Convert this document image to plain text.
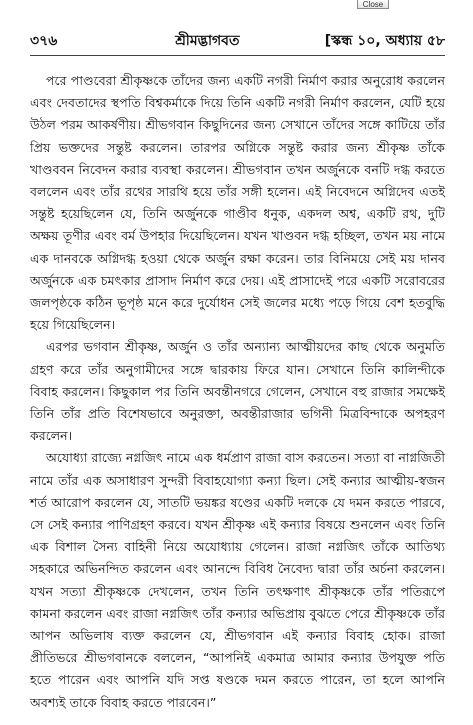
Close
৩৭৬	শ্রীমদ্ভাগবত	[স্কন্ধ ১০, অধ্যায় ৫৮

পরে পাণ্ডবেরা শ্রীকৃষ্ণকে তাঁদের জন্য একটি নগরী নির্মাণ করার অনুরোধ করলেন এবং দেবতাদের স্থপতি বিশ্বকর্মাকে দিয়ে তিনি একটি নগরী নির্মাণ করলেন, যেটি হয়ে উঠল পরম আকর্ষণীয়। শ্রীভগবান কিছুদিনের জন্য সেখানে তাঁদের সঙ্গে কাটিয়ে তাঁর প্রিয় ভক্তদের সন্তুষ্ট করলেন। তারপর অগ্নিকে সন্তুষ্ট করার জন্য শ্রীকৃষ্ণ তাঁকে খাণ্ডববন নিবেদন করার ব্যবস্থা করলেন। শ্রীভগবান তখন অর্জুনকে বনটি দগ্ধ করতে বললেন এবং তাঁর রথের সারথি হয়ে তাঁর সঙ্গী হলেন। এই নিবেদনে অগ্নিদেব এতই সন্তুষ্ট হয়েছিলেন যে, তিনি অর্জুনকে গাণ্ডীব ধনুক, একদল অশ্ব, একটি রথ, দুটি অক্ষয় তূণীর এবং বর্ম উপহার দিয়েছিলেন। যখন খাণ্ডবন দগ্ধ হচ্ছিল, তখন ময় নামে এক দানবকে অগ্নিদগ্ধ হওয়া থেকে অর্জুন রক্ষা করেন। তার বিনিময়ে সেই ময় দানব অর্জুনকে এক চমৎকার প্রাসাদ নির্মাণ করে দেয়। এই প্রাসাদেই পরে একটি সরোবরের জলপৃষ্ঠকে কঠিন ভূপৃষ্ঠ মনে করে দুর্যোধন সেই জলের মধ্যে পড়ে গিয়ে বেশ হতবুদ্ধি হয়ে গিয়েছিলেন।

এরপর ভগবান শ্রীকৃষ্ণ, অর্জুন ও তাঁর অন্যান্য আত্মীয়দের কাছ থেকে অনুমতি গ্রহণ করে তাঁর অনুগামীদের সঙ্গে দ্বারকায় ফিরে যান। সেখানে তিনি কালিন্দীকে বিবাহ করলেন। কিছুকাল পর তিনি অবন্তীনগরে গেলেন, সেখানে বহু রাজার সমক্ষেই তিনি তাঁর প্রতি বিশেষভাবে অনুরক্তা, অবন্তীরাজার ভগিনী মিত্রবিন্দাকে অপহরণ করলেন।

অযোধ্যা রাজ্যে নগ্নজিৎ নামে এক ধর্মপ্রাণ রাজা বাস করতেন। সত্যা বা নাগ্নজিতী নামে তাঁর এক অসাধারণ সুন্দরী বিবাহযোগ্যা কন্যা ছিল। সেই কন্যার আত্মীয়-স্বজন শর্ত আরোপ করলেন যে, সাতটি ভয়ঙ্কর ষণ্ডের একটি দলকে যে দমন করতে পারবে, সে সেই কন্যার পাণিগ্রহণ করবে। যখন শ্রীকৃষ্ণ এই কন্যার বিষয়ে শুনলেন এবং তিনি এক বিশাল সৈন্য বাহিনী নিয়ে অযোধ্যায় গেলেন। রাজা নগ্নজিৎ তাঁকে আতিথ্য সহকারে অভিনন্দিত করলেন এবং আনন্দে বিবিধ নৈবেদ্য দ্বারা তাঁর অর্চনা করলেন। যখন সত্যা শ্রীকৃষ্ণকে দেখলেন, তখন তিনি তৎক্ষণাৎ শ্রীকৃষ্ণকে তাঁর পতিরূপে কামনা করলেন এবং রাজা নগ্নজিৎ তাঁর কন্যার অভিপ্রায় বুঝতে পেরে শ্রীকৃষ্ণকে তাঁর আপন অভিলাষ ব্যক্ত করলেন যে, শ্রীভগবান এই কন্যার বিবাহ হোক। রাজা প্রীতিভরে শ্রীভগবানকে বললেন, “আপনিই একমাত্র আমার কন্যার উপযুক্ত পতি হতে পারেন এবং আপনি যদি সপ্ত ষণ্ডকে দমন করতে পারেন, তা হলে আপনি অবশ্যই তাকে বিবাহ করতে পারবেন।”
